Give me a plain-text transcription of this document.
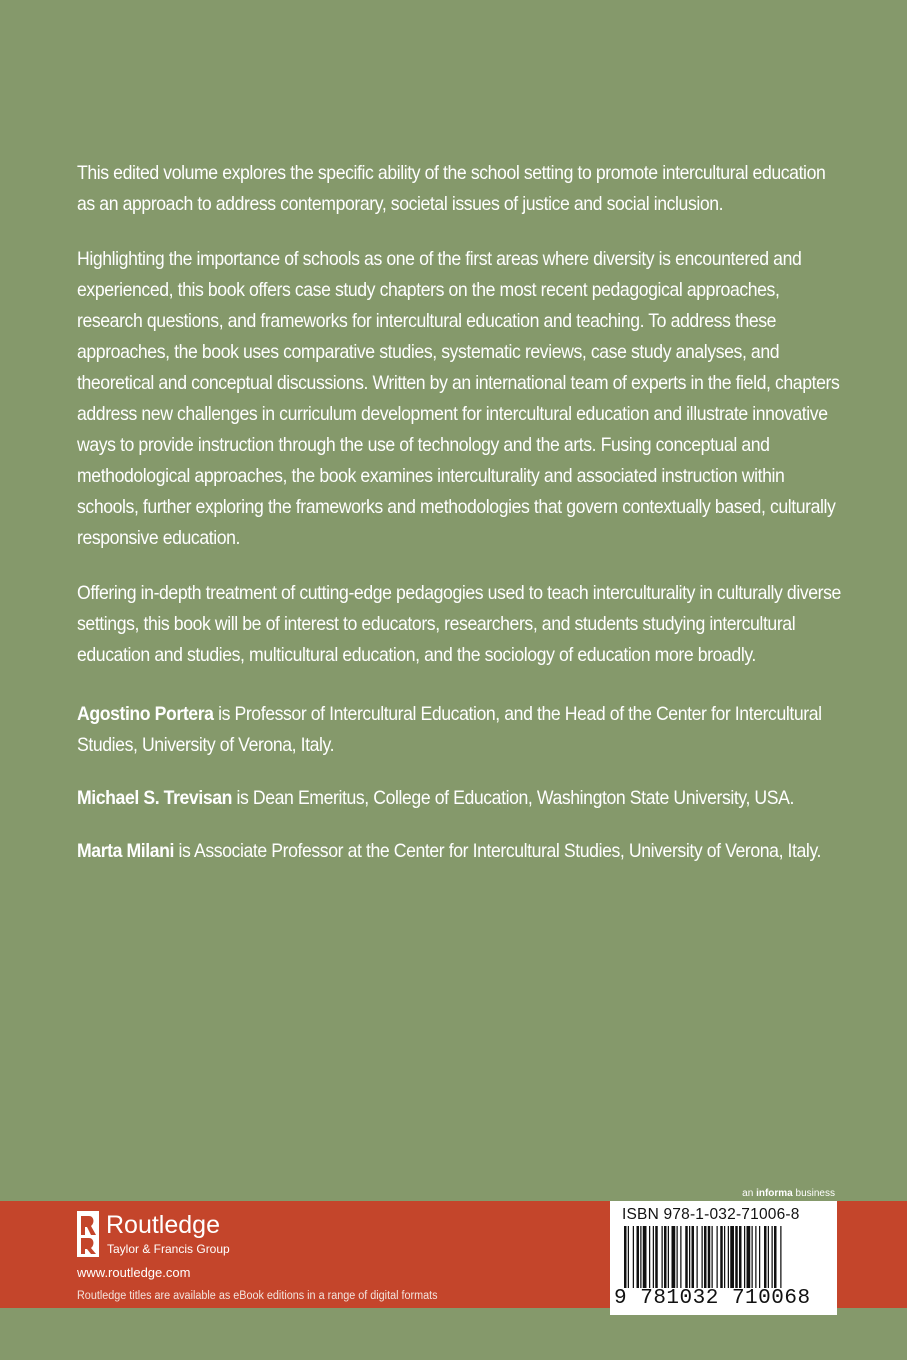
This edited volume explores the specific ability of the school setting to promote intercultural education as an approach to address contemporary, societal issues of justice and social inclusion.

Highlighting the importance of schools as one of the first areas where diversity is encountered and experienced, this book offers case study chapters on the most recent pedagogical approaches, research questions, and frameworks for intercultural education and teaching. To address these approaches, the book uses comparative studies, systematic reviews, case study analyses, and theoretical and conceptual discussions. Written by an international team of experts in the field, chapters address new challenges in curriculum development for intercultural education and illustrate innovative ways to provide instruction through the use of technology and the arts. Fusing conceptual and methodological approaches, the book examines interculturality and associated instruction within schools, further exploring the frameworks and methodologies that govern contextually based, culturally responsive education.

Offering in-depth treatment of cutting-edge pedagogies used to teach interculturality in culturally diverse settings, this book will be of interest to educators, researchers, and students studying intercultural education and studies, multicultural education, and the sociology of education more broadly.

Agostino Portera is Professor of Intercultural Education, and the Head of the Center for Intercultural Studies, University of Verona, Italy.

Michael S. Trevisan is Dean Emeritus, College of Education, Washington State University, USA.

Marta Milani is Associate Professor at the Center for Intercultural Studies, University of Verona, Italy.

an informa business
Routledge
Taylor & Francis Group
www.routledge.com
Routledge titles are available as eBook editions in a range of digital formats
ISBN 978-1-032-71006-8
9 781032 710068
